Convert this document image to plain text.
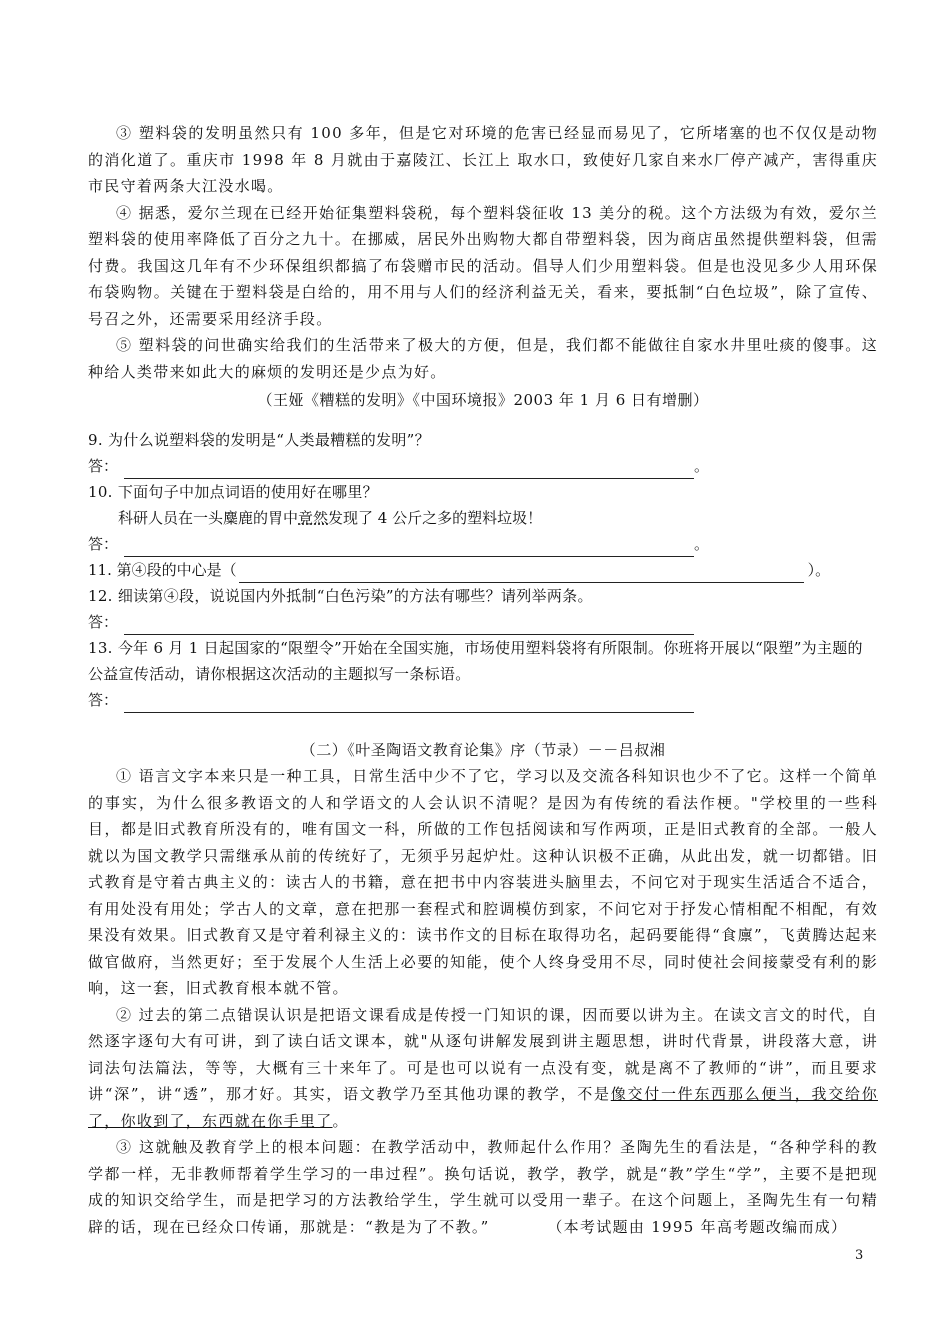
③ 塑料袋的发明虽然只有 100 多年，但是它对环境的危害已经显而易见了，它所堵塞的也不仅仅是动物的消化道了。重庆市 1998 年 8 月就由于嘉陵江、长江上 取水口，致使好几家自来水厂停产减产，害得重庆市民守着两条大江没水喝。

④ 据悉，爱尔兰现在已经开始征集塑料袋税，每个塑料袋征收 13 美分的税。这个方法级为有效，爱尔兰塑料袋的使用率降低了百分之九十。在挪威，居民外出购物大都自带塑料袋，因为商店虽然提供塑料袋，但需付费。我国这几年有不少环保组织都搞了布袋赠市民的活动。倡导人们少用塑料袋。但是也没见多少人用环保布袋购物。关键在于塑料袋是白给的，用不用与人们的经济利益无关，看来，要抵制“白色垃圾”，除了宣传、号召之外，还需要采用经济手段。

⑤ 塑料袋的问世确实给我们的生活带来了极大的方便，但是，我们都不能做往自家水井里吐痰的傻事。这种给人类带来如此大的麻烦的发明还是少点为好。

（王娅《糟糕的发明》《中国环境报》2003 年 1 月 6 日有增删）

9. 为什么说塑料袋的发明是“人类最糟糕的发明”？

答：	。

10. 下面句子中加点词语的使用好在哪里？

科研人员在一头麋鹿的胃中竟然发现了 4 公斤之多的塑料垃圾！

答：	。
11. 第④段的中心是（	）。

12. 细读第④段，说说国内外抵制“白色污染”的方法有哪些？请列举两条。

答：

13. 今年 6 月 1 日起国家的“限塑令”开始在全国实施，市场使用塑料袋将有所限制。你班将开展以“限塑”为主题的公益宣传活动，请你根据这次活动的主题拟写一条标语。

答：
（二）《叶圣陶语文教育论集》序（节录）－－吕叔湘

① 语言文字本来只是一种工具，日常生活中少不了它，学习以及交流各科知识也少不了它。这样一个简单的事实，为什么很多教语文的人和学语文的人会认识不清呢？是因为有传统的看法作梗。"学校里的一些科目，都是旧式教育所没有的，唯有国文一科，所做的工作包括阅读和写作两项，正是旧式教育的全部。一般人就以为国文教学只需继承从前的传统好了，无须乎另起炉灶。这种认识极不正确，从此出发，就一切都错。旧式教育是守着古典主义的：读古人的书籍，意在把书中内容装进头脑里去，不问它对于现实生活适合不适合，有用处没有用处；学古人的文章，意在把那一套程式和腔调模仿到家，不问它对于抒发心情相配不相配，有效果没有效果。旧式教育又是守着利禄主义的：读书作文的目标在取得功名，起码要能得“食廪”，飞黄腾达起来做官做府，当然更好；至于发展个人生活上必要的知能，使个人终身受用不尽，同时使社会间接蒙受有利的影响，这一套，旧式教育根本就不管。

② 过去的第二点错误认识是把语文课看成是传授一门知识的课，因而要以讲为主。在读文言文的时代，自然逐字逐句大有可讲，到了读白话文课本，就"从逐句讲解发展到讲主题思想，讲时代背景，讲段落大意，讲词法句法篇法，等等，大概有三十来年了。可是也可以说有一点没有变，就是离不了教师的“讲”，而且要求讲“深”，讲“透”，那才好。其实，语文教学乃至其他功课的教学，不是像交付一件东西那么便当，我交给你了，你收到了，东西就在你手里了。

③ 这就触及教育学上的根本问题：在教学活动中，教师起什么作用？圣陶先生的看法是，“各种学科的教学都一样，无非教师帮着学生学习的一串过程”。换句话说，教学，教学，就是“教”学生“学”，主要不是把现成的知识交给学生，而是把学习的方法教给学生，学生就可以受用一辈子。在这个问题上，圣陶先生有一句精辟的话，现在已经众口传诵，那就是：“教是为了不教。”　　　　	（本考试题由 1995 年高考题改编而成）

3
